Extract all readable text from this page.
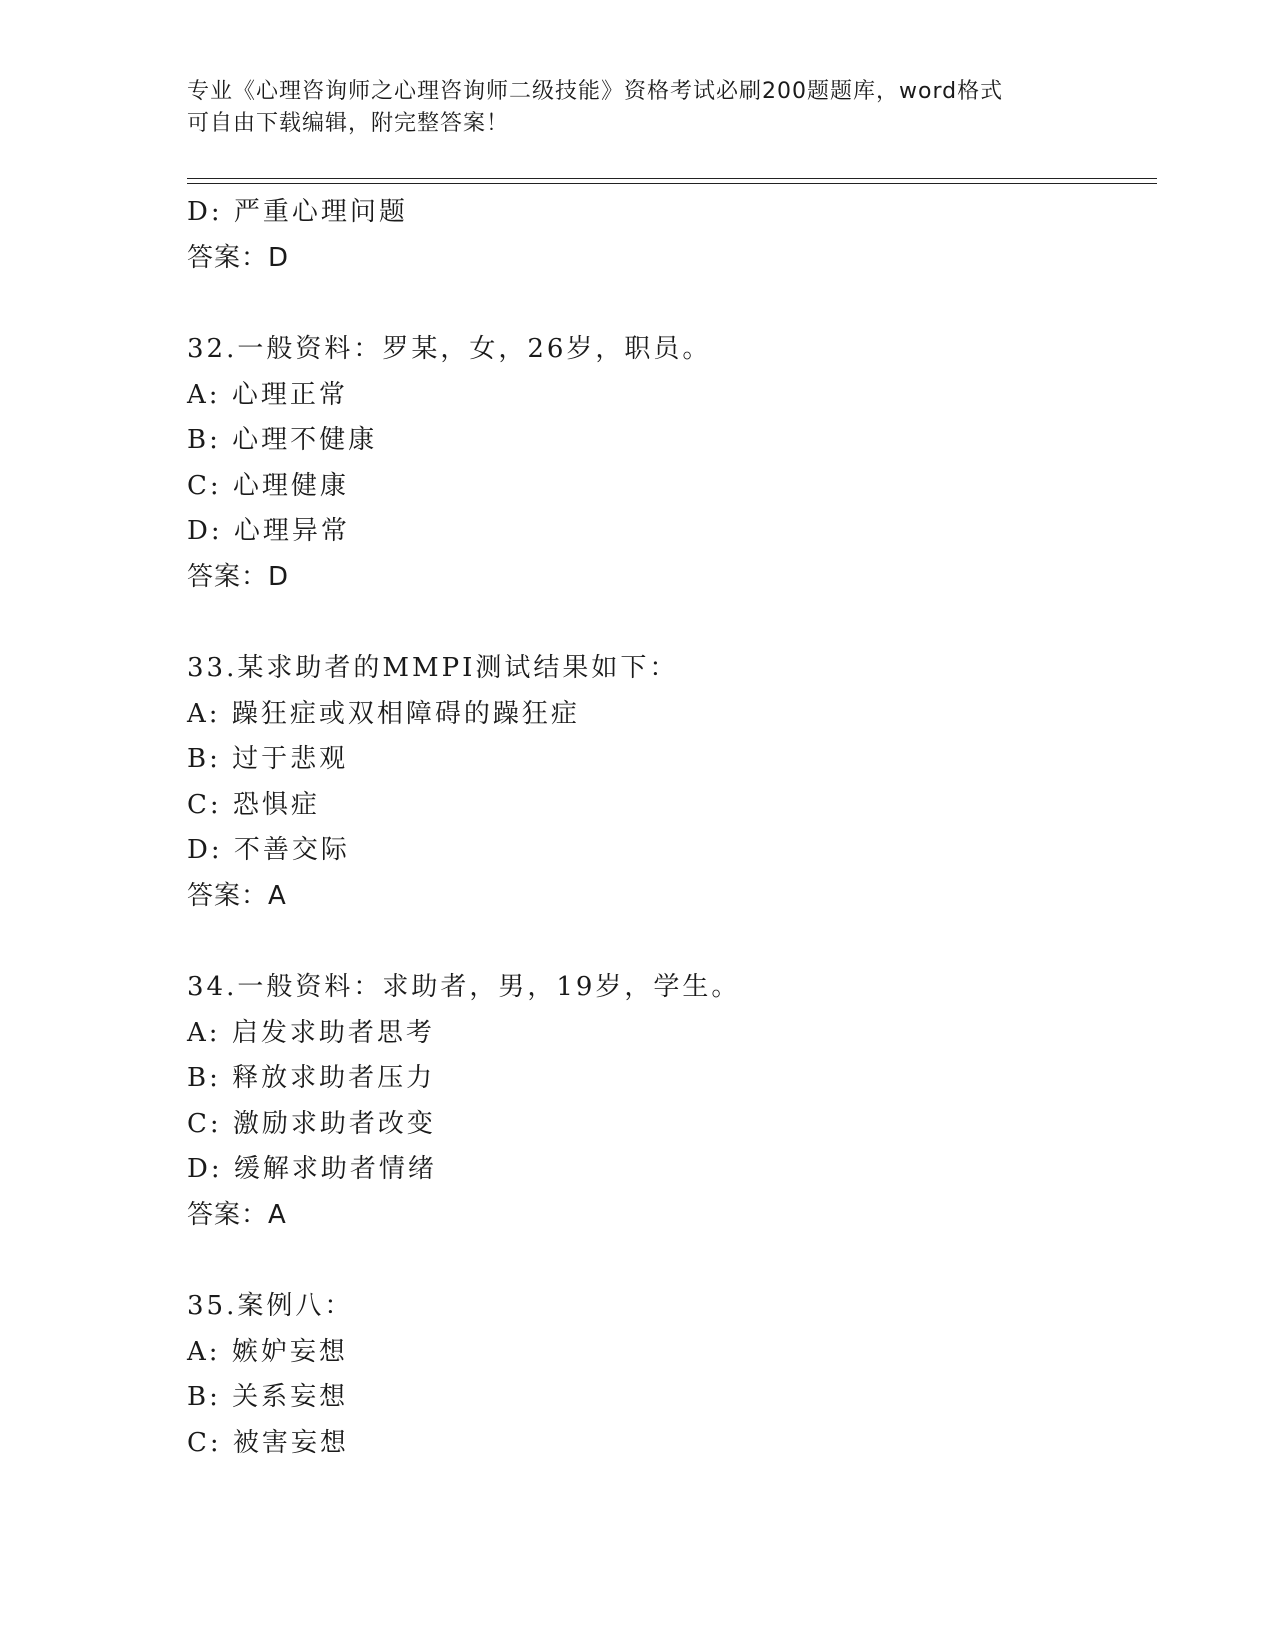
专业《心理咨询师之心理咨询师二级技能》资格考试必刷200题题库，word格式
可自由下载编辑，附完整答案！
D: 严重心理问题
答案：D
32.一般资料：罗某，女，26岁，职员。
A: 心理正常
B: 心理不健康
C: 心理健康
D: 心理异常
答案：D
33.某求助者的MMPI测试结果如下：
A: 躁狂症或双相障碍的躁狂症
B: 过于悲观
C: 恐惧症
D: 不善交际
答案：A
34.一般资料：求助者，男，19岁，学生。
A: 启发求助者思考
B: 释放求助者压力
C: 激励求助者改变
D: 缓解求助者情绪
答案：A
35.案例八：
A: 嫉妒妄想
B: 关系妄想
C: 被害妄想
